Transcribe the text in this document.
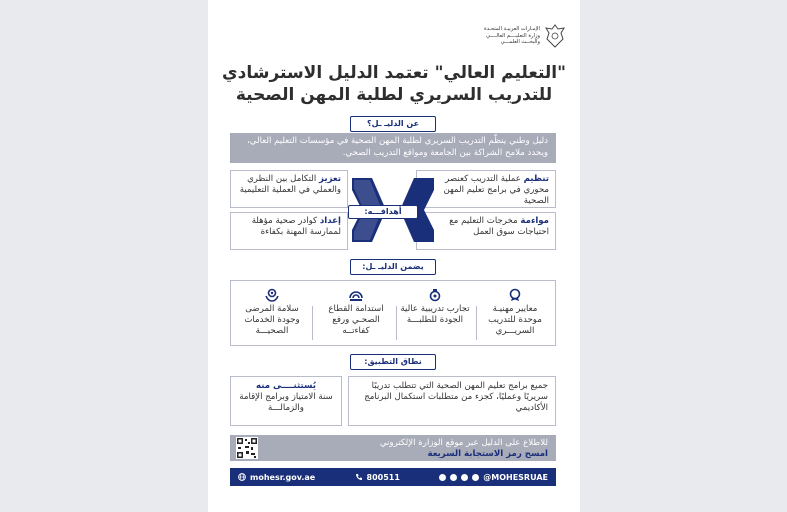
الإمـارات العربيـة المتحـدة
وزارة التعليــــم العالــــي
والبحــث العلمـــي
"التعليم العالي" تعتمد الدليل الاسترشادي
للتدريب السريري لطلبة المهن الصحية
عن الدليـ ـل؟
دليل وطني ينظّم التدريب السريري لطلبة المهن الصحية في مؤسسات التعليم العالي، ويحدد ملامح الشراكة بين الجامعة ومواقع التدريب الصحي.
تنظيم عملية التدريب كعنصر محوري في برامج تعليم المهن الصحية
تعزيز التكامل بين النظري والعملي في العملية التعليمية
مواءمة مخرجات التعليم مع احتياجات سوق العمل
إعداد كوادر صحية مؤهلة لممارسة المهنة بكفاءة
أهدافـــه:
يضمن الدليـ ـل:
معايير مهنيـة موحدة للتدريب السريـــري
تجارب تدريبية عالية الجودة للطلبـــة
استدامة القطاع الصحـي ورفع كفاءتــه
سلامة المرضى وجودة الخدمات الصحيـــة
نطاق التطبيق:
جميع برامج تعليم المهن الصحية التي تتطلب تدريبًا سريريًا وعمليًا، كجزء من متطلبات استكمال البرنامج الأكاديمي
يُستثنــــى منه
سنة الامتياز وبرامج الإقامة والزمالـــة
للاطلاع على الدليل عبر موقع الوزارة الإلكتروني
امسح رمز الاستجابة السريعة
mohesr.gov.ae	800511	@MOHESRUAE
